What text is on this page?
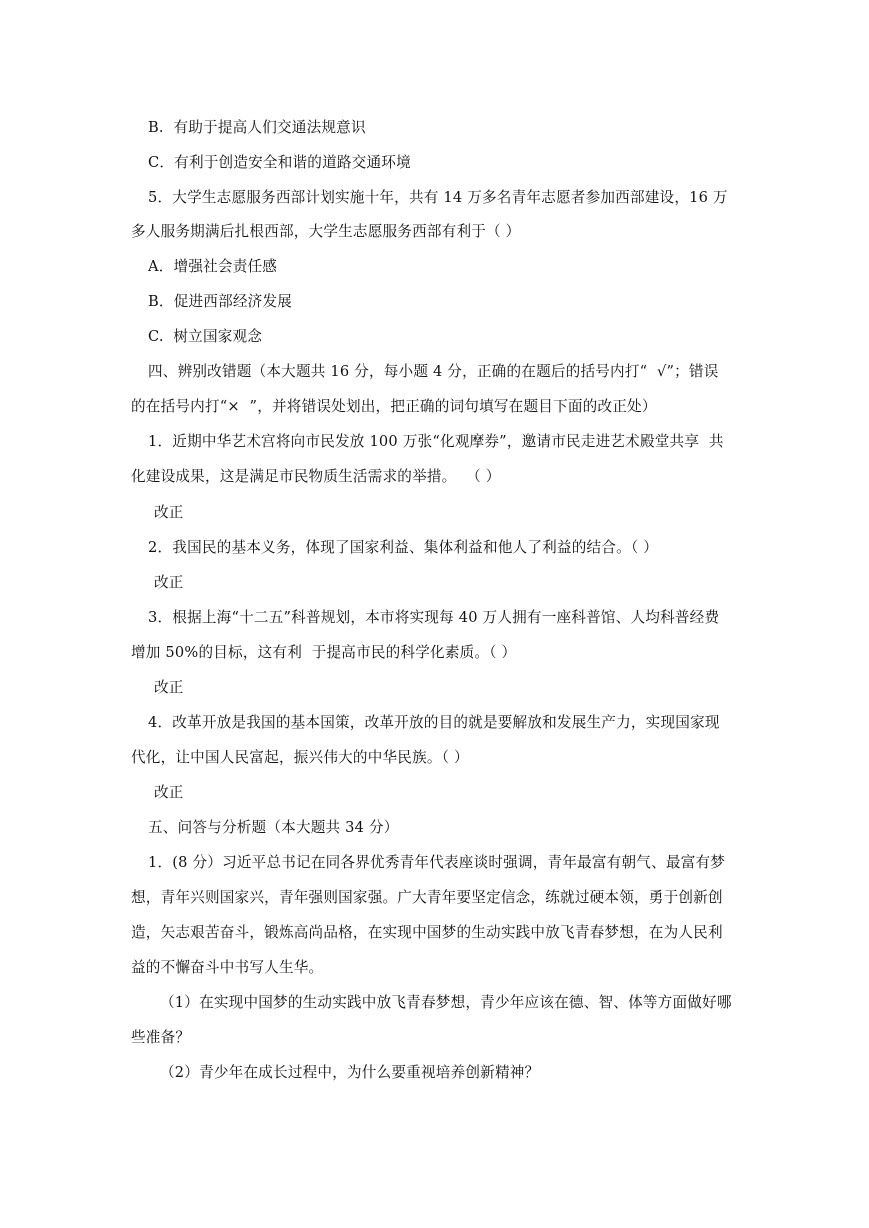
B.  有助于提高人们交通法规意识
C．有利于创造安全和谐的道路交通环境
5．大学生志愿服务西部计划实施十年，共有 14 万多名青年志愿者参加西部建设，16 万
多人服务期满后扎根西部，大学生志愿服务西部有利于（ ）
A．增强社会责任感
B．促进西部经济发展
C.  树立国家观念
四、辨别改错题（本大题共 16 分，每小题 4 分，正确的在题后的括号内打“  √”；错误
的在括号内打“×  ”，并将错误处划出，把正确的词句填写在题目下面的改正处）
1．近期中华艺术宫将向市民发放 100 万张“化观摩券”，邀请市民走进艺术殿堂共享  共
化建设成果，这是满足市民物质生活需求的举措。  （ ）
改正
2．我国民的基本义务，体现了国家利益、集体利益和他人了利益的结合。（ ）
改正
3．根据上海“十二五”科普规划，本市将实现每 40 万人拥有一座科普馆、人均科普经费
增加 50%的目标，这有利  于提高市民的科学化素质。（ ）
改正
4．改革开放是我国的基本国策，改革开放的目的就是要解放和发展生产力，实现国家现
代化，让中国人民富起，振兴伟大的中华民族。（ ）
改正
五、问答与分析题（本大题共 34 分）
1．(8 分）习近平总书记在同各界优秀青年代表座谈时强调，青年最富有朝气、最富有梦
想，青年兴则国家兴，青年强则国家强。广大青年要坚定信念，练就过硬本领，勇于创新创
造，矢志艰苦奋斗，锻炼高尚品格，在实现中国梦的生动实践中放飞青春梦想，在为人民利
益的不懈奋斗中书写人生华。
（1）在实现中国梦的生动实践中放飞青春梦想，青少年应该在德、智、体等方面做好哪
些准备？
（2）青少年在成长过程中，为什么要重视培养创新精神？
